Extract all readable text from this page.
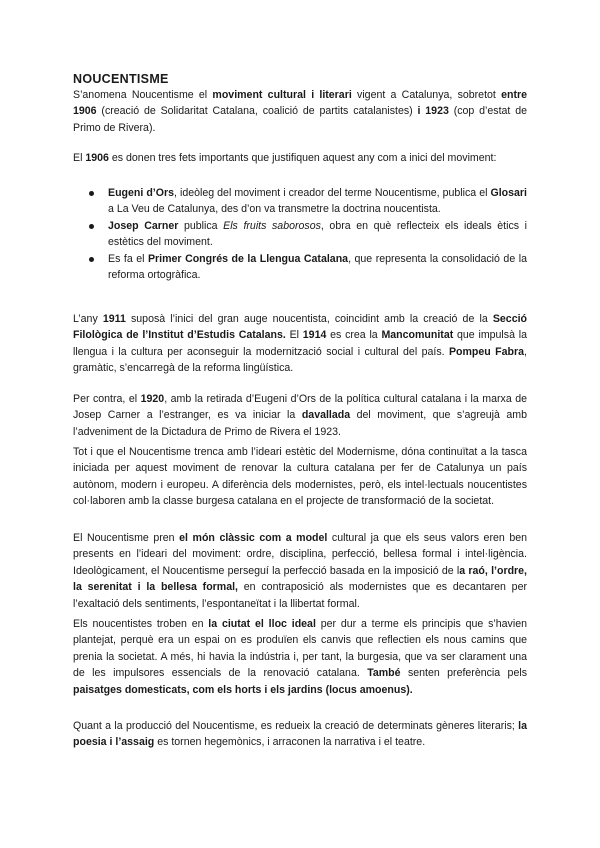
NOUCENTISME

S’anomena Noucentisme el moviment cultural i literari vigent a Catalunya, sobretot entre 1906 (creació de Solidaritat Catalana, coalició de partits catalanistes) i 1923 (cop d’estat de Primo de Rivera).

El 1906 es donen tres fets importants que justifiquen aquest any com a inici del moviment:

Eugeni d’Ors, ideòleg del moviment i creador del terme Noucentisme, publica el Glosari a La Veu de Catalunya, des d’on va transmetre la doctrina noucentista.
Josep Carner publica Els fruits saborosos, obra en què reflecteix els ideals ètics i estètics del moviment.
Es fa el Primer Congrés de la Llengua Catalana, que representa la consolidació de la reforma ortogràfica.

L’any 1911 suposà l’inici del gran auge noucentista, coincidint amb la creació de la Secció Filològica de l’Institut d’Estudis Catalans. El 1914 es crea la Mancomunitat que impulsà la llengua i la cultura per aconseguir la modernització social i cultural del país. Pompeu Fabra, gramàtic, s’encarregà de la reforma lingüística.

Per contra, el 1920, amb la retirada d’Eugeni d’Ors de la política cultural catalana i la marxa de Josep Carner a l’estranger, es va iniciar la davallada del moviment, que s’agreujà amb l’adveniment de la Dictadura de Primo de Rivera el 1923.

Tot i que el Noucentisme trenca amb l’ideari estètic del Modernisme, dóna continuïtat a la tasca iniciada per aquest moviment de renovar la cultura catalana per fer de Catalunya un país autònom, modern i europeu. A diferència dels modernistes, però, els intel·lectuals noucentistes col·laboren amb la classe burgesa catalana en el projecte de transformació de la societat.

El Noucentisme pren el món clàssic com a model cultural ja que els seus valors eren ben presents en l’ideari del moviment: ordre, disciplina, perfecció, bellesa formal i intel·ligència. Ideològicament, el Noucentisme perseguí la perfecció basada en la imposició de la raó, l’ordre, la serenitat i la bellesa formal, en contraposició als modernistes que es decantaren per l’exaltació dels sentiments, l’espontaneïtat i la llibertat formal.

Els noucentistes troben en la ciutat el lloc ideal per dur a terme els principis que s’havien plantejat, perquè era un espai on es produïen els canvis que reflectien els nous camins que prenia la societat. A més, hi havia la indústria i, per tant, la burgesia, que va ser clarament una de les impulsores essencials de la renovació catalana. També senten preferència pels paisatges domesticats, com els horts i els jardins (locus amoenus).

Quant a la producció del Noucentisme, es redueix la creació de determinats gèneres literaris; la poesia i l’assaig es tornen hegemònics, i arraconen la narrativa i el teatre.
